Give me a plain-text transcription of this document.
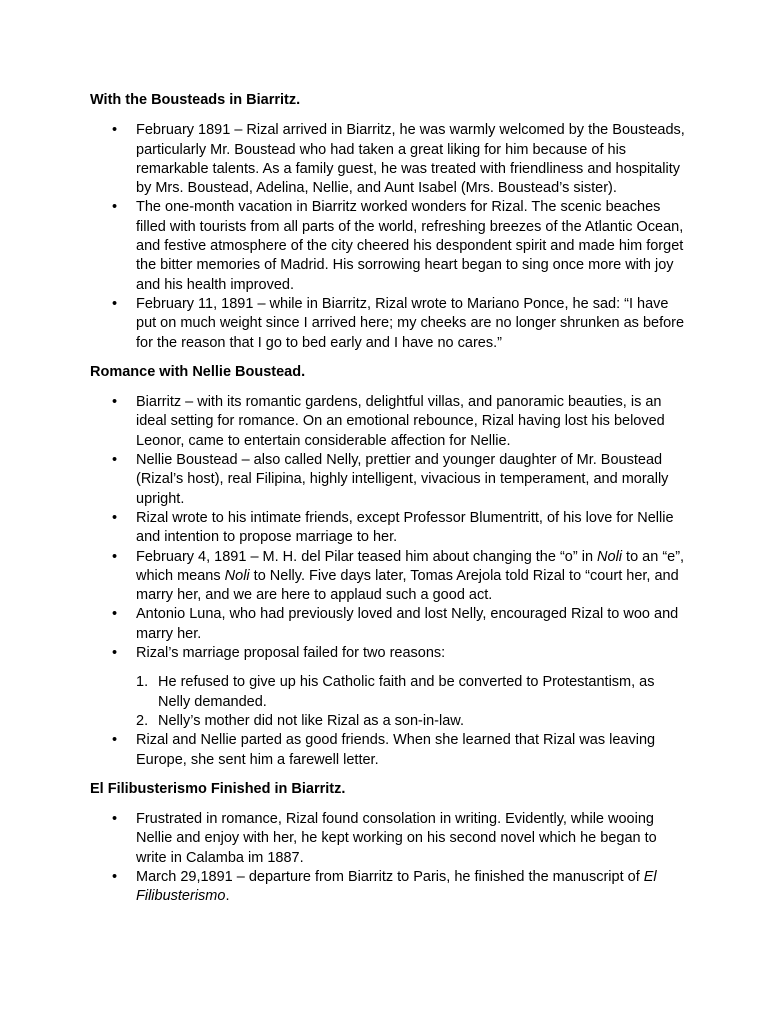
With the Bousteads in Biarritz.
• February 1891 – Rizal arrived in Biarritz, he was warmly welcomed by the Bousteads, particularly Mr. Boustead who had taken a great liking for him because of his remarkable talents. As a family guest, he was treated with friendliness and hospitality by Mrs. Boustead, Adelina, Nellie, and Aunt Isabel (Mrs. Boustead’s sister).
• The one-month vacation in Biarritz worked wonders for Rizal. The scenic beaches filled with tourists from all parts of the world, refreshing breezes of the Atlantic Ocean, and festive atmosphere of the city cheered his despondent spirit and made him forget the bitter memories of Madrid. His sorrowing heart began to sing once more with joy and his health improved.
• February 11, 1891 – while in Biarritz, Rizal wrote to Mariano Ponce, he sad: “I have put on much weight since I arrived here; my cheeks are no longer shrunken as before for the reason that I go to bed early and I have no cares.”
Romance with Nellie Boustead.
• Biarritz – with its romantic gardens, delightful villas, and panoramic beauties, is an ideal setting for romance. On an emotional rebounce, Rizal having lost his beloved Leonor, came to entertain considerable affection for Nellie.
• Nellie Boustead – also called Nelly, prettier and younger daughter of Mr. Boustead (Rizal’s host), real Filipina, highly intelligent, vivacious in temperament, and morally upright.
• Rizal wrote to his intimate friends, except Professor Blumentritt, of his love for Nellie and intention to propose marriage to her.
• February 4, 1891 – M. H. del Pilar teased him about changing the “o” in Noli to an “e”, which means Noli to Nelly. Five days later, Tomas Arejola told Rizal to “court her, and marry her, and we are here to applaud such a good act.
• Antonio Luna, who had previously loved and lost Nelly, encouraged Rizal to woo and marry her.
• Rizal’s marriage proposal failed for two reasons:
1. He refused to give up his Catholic faith and be converted to Protestantism, as Nelly demanded.
2. Nelly’s mother did not like Rizal as a son-in-law.
• Rizal and Nellie parted as good friends. When she learned that Rizal was leaving Europe, she sent him a farewell letter.
El Filibusterismo Finished in Biarritz.
• Frustrated in romance, Rizal found consolation in writing. Evidently, while wooing Nellie and enjoy with her, he kept working on his second novel which he began to write in Calamba im 1887.
• March 29,1891 – departure from Biarritz to Paris, he finished the manuscript of El Filibusterismo.
